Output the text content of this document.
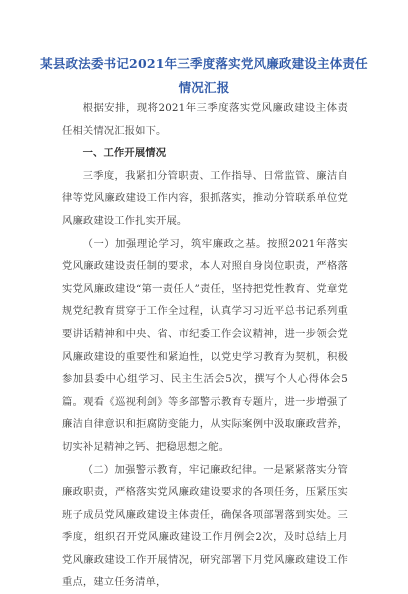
某县政法委书记2021年三季度落实党风廉政建设主体责任情况汇报

根据安排，现将2021年三季度落实党风廉政建设主体责任相关情况汇报如下。

一、工作开展情况

三季度，我紧扣分管职责、工作指导、日常监管、廉洁自律等党风廉政建设工作内容，狠抓落实，推动分管联系单位党风廉政建设工作扎实开展。

（一）加强理论学习，筑牢廉政之基。按照2021年落实党风廉政建设责任制的要求，本人对照自身岗位职责，严格落实党风廉政建设“第一责任人”责任，坚持把党性教育、党章党规党纪教育贯穿于工作全过程，认真学习习近平总书记系列重要讲话精神和中央、省、市纪委工作会议精神，进一步领会党风廉政建设的重要性和紧迫性，以党史学习教育为契机，积极参加县委中心组学习、民主生活会5次，撰写个人心得体会5篇。观看《巡视利剑》等多部警示教育专题片，进一步增强了廉洁自律意识和拒腐防变能力，从实际案例中汲取廉政营养，切实补足精神之钙、把稳思想之舵。

（二）加强警示教育，牢记廉政纪律。一是紧紧落实分管廉政职责，严格落实党风廉政建设要求的各项任务，压紧压实班子成员党风廉政建设主体责任，确保各项部署落到实处。三季度，组织召开党风廉政建设工作月例会2次，及时总结上月党风廉政建设工作开展情况，研究部署下月党风廉政建设工作重点，建立任务清单，
